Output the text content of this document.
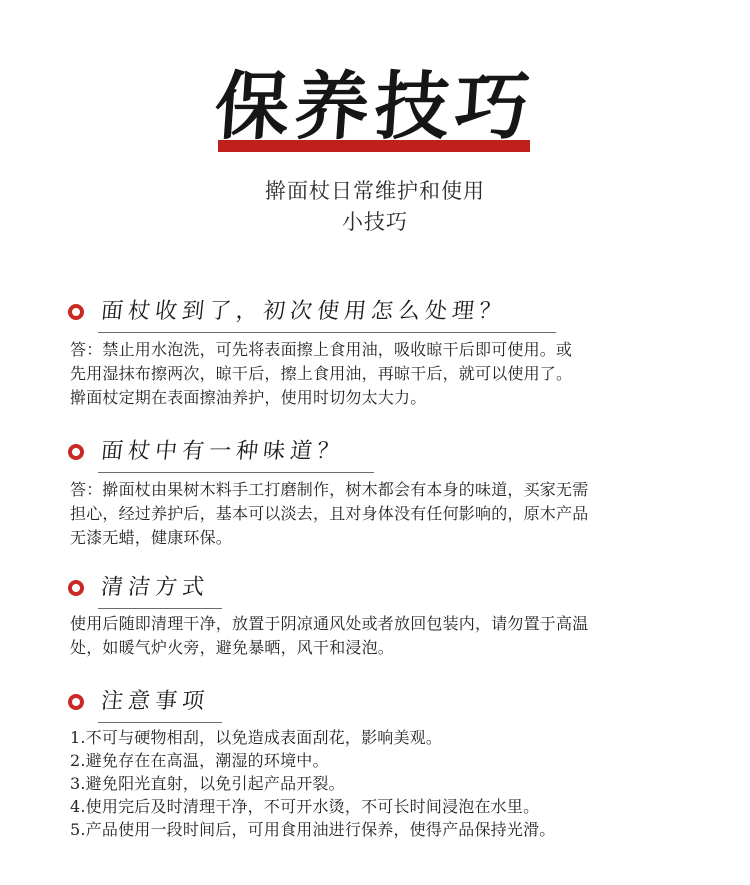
保养技巧
擀面杖日常维护和使用
小技巧
面杖收到了，初次使用怎么处理？

答：禁止用水泡洗，可先将表面擦上食用油，吸收晾干后即可使用。或

先用湿抹布擦两次，晾干后，擦上食用油，再晾干后，就可以使用了。

擀面杖定期在表面擦油养护，使用时切勿太大力。

面杖中有一种味道？

答：擀面杖由果树木料手工打磨制作，树木都会有本身的味道，买家无需

担心，经过养护后，基本可以淡去，且对身体没有任何影响的，原木产品

无漆无蜡，健康环保。

清洁方式

使用后随即清理干净，放置于阴凉通风处或者放回包装内，请勿置于高温

处，如暖气炉火旁，避免暴晒，风干和浸泡。

注意事项
1.不可与硬物相刮，以免造成表面刮花，影响美观。
2.避免存在在高温，潮湿的环境中。
3.避免阳光直射，以免引起产品开裂。
4.使用完后及时清理干净，不可开水烫，不可长时间浸泡在水里。
5.产品使用一段时间后，可用食用油进行保养，使得产品保持光滑。
